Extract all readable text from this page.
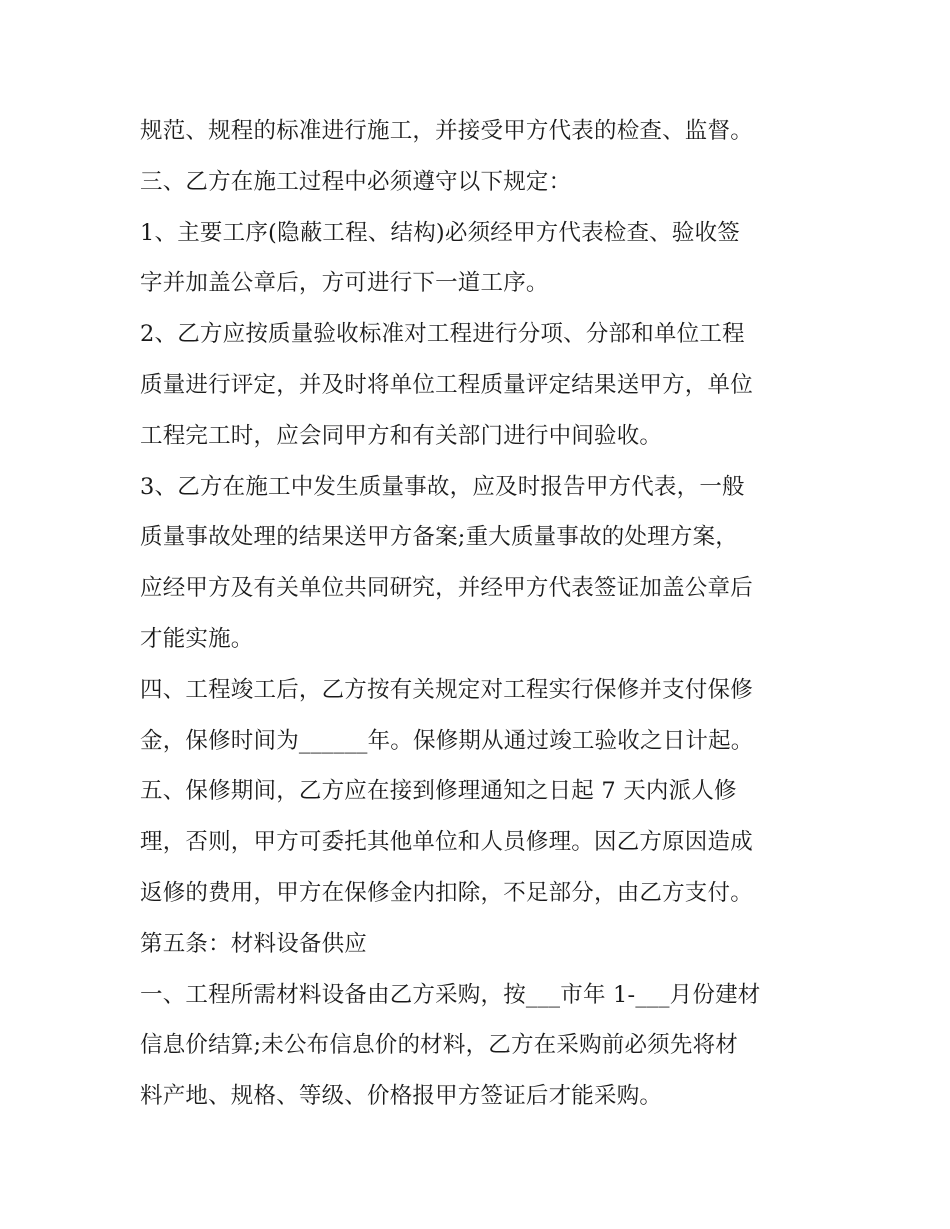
规范、规程的标准进行施工，并接受甲方代表的检查、监督。
三、乙方在施工过程中必须遵守以下规定：
1、主要工序(隐蔽工程、结构)必须经甲方代表检查、验收签
字并加盖公章后，方可进行下一道工序。
2、乙方应按质量验收标准对工程进行分项、分部和单位工程
质量进行评定，并及时将单位工程质量评定结果送甲方，单位
工程完工时，应会同甲方和有关部门进行中间验收。
3、乙方在施工中发生质量事故，应及时报告甲方代表，一般
质量事故处理的结果送甲方备案;重大质量事故的处理方案，
应经甲方及有关单位共同研究，并经甲方代表签证加盖公章后
才能实施。
四、工程竣工后，乙方按有关规定对工程实行保修并支付保修
金，保修时间为______年。保修期从通过竣工验收之日计起。
五、保修期间，乙方应在接到修理通知之日起 7 天内派人修
理，否则，甲方可委托其他单位和人员修理。因乙方原因造成
返修的费用，甲方在保修金内扣除，不足部分，由乙方支付。
第五条：材料设备供应
一、工程所需材料设备由乙方采购，按___市年 1-___月份建材
信息价结算;未公布信息价的材料，乙方在采购前必须先将材
料产地、规格、等级、价格报甲方签证后才能采购。
